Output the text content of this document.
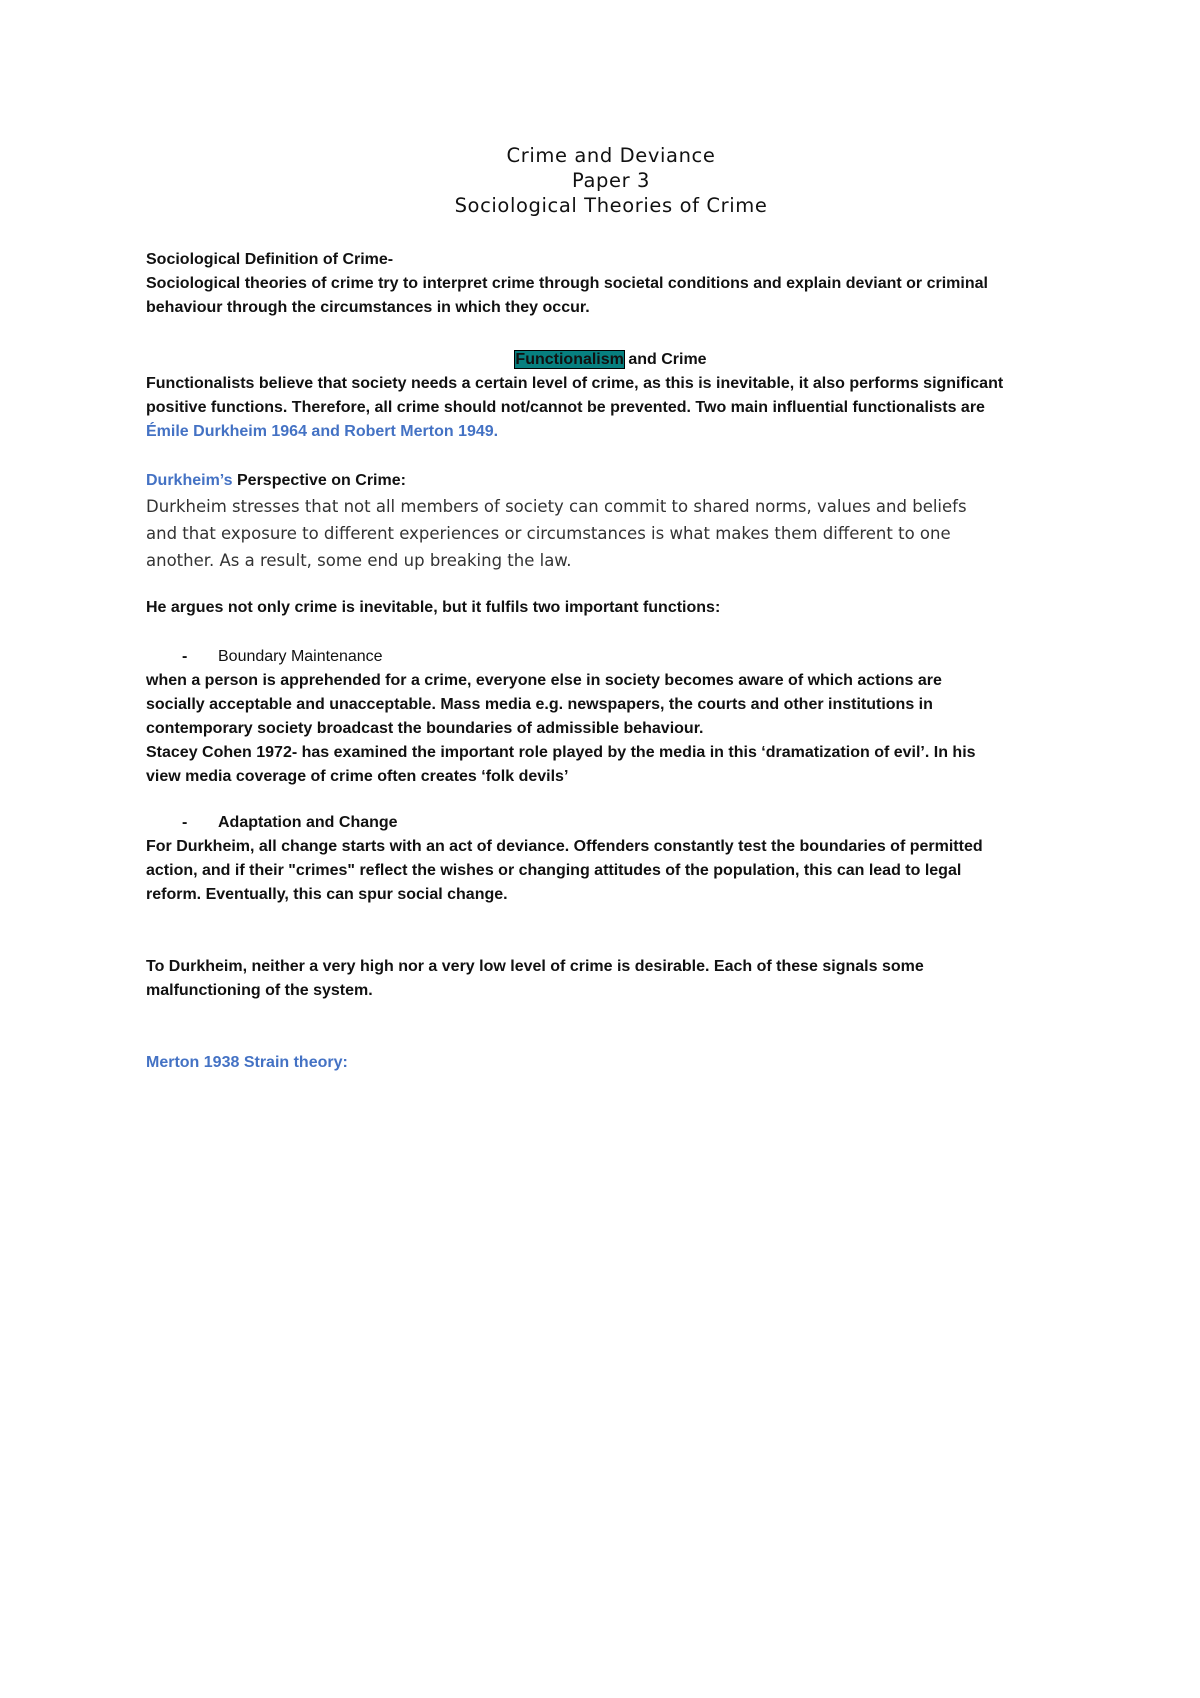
Crime and Deviance
Paper 3
Sociological Theories of Crime

Sociological Definition of Crime-

Sociological theories of crime try to interpret crime through societal conditions and explain deviant or criminal

behaviour through the circumstances in which they occur.

Functionalism and Crime

Functionalists believe that society needs a certain level of crime, as this is inevitable, it also performs significant

positive functions. Therefore, all crime should not/cannot be prevented. Two main influential functionalists are

Émile Durkheim 1964 and Robert Merton 1949.

Durkheim’s Perspective on Crime:

Durkheim stresses that not all members of society can commit to shared norms, values and beliefs

and that exposure to different experiences or circumstances is what makes them different to one

another. As a result, some end up breaking the law.

He argues not only crime is inevitable, but it fulfils two important functions:

-	Boundary Maintenance

when a person is apprehended for a crime, everyone else in society becomes aware of which actions are

socially acceptable and unacceptable. Mass media e.g. newspapers, the courts and other institutions in

contemporary society broadcast the boundaries of admissible behaviour.

Stacey Cohen 1972- has examined the important role played by the media in this ‘dramatization of evil’. In his

view media coverage of crime often creates ‘folk devils’

-	Adaptation and Change

For Durkheim, all change starts with an act of deviance. Offenders constantly test the boundaries of permitted

action, and if their "crimes" reflect the wishes or changing attitudes of the population, this can lead to legal

reform. Eventually, this can spur social change.

To Durkheim, neither a very high nor a very low level of crime is desirable. Each of these signals some

malfunctioning of the system.

Merton 1938 Strain theory:
